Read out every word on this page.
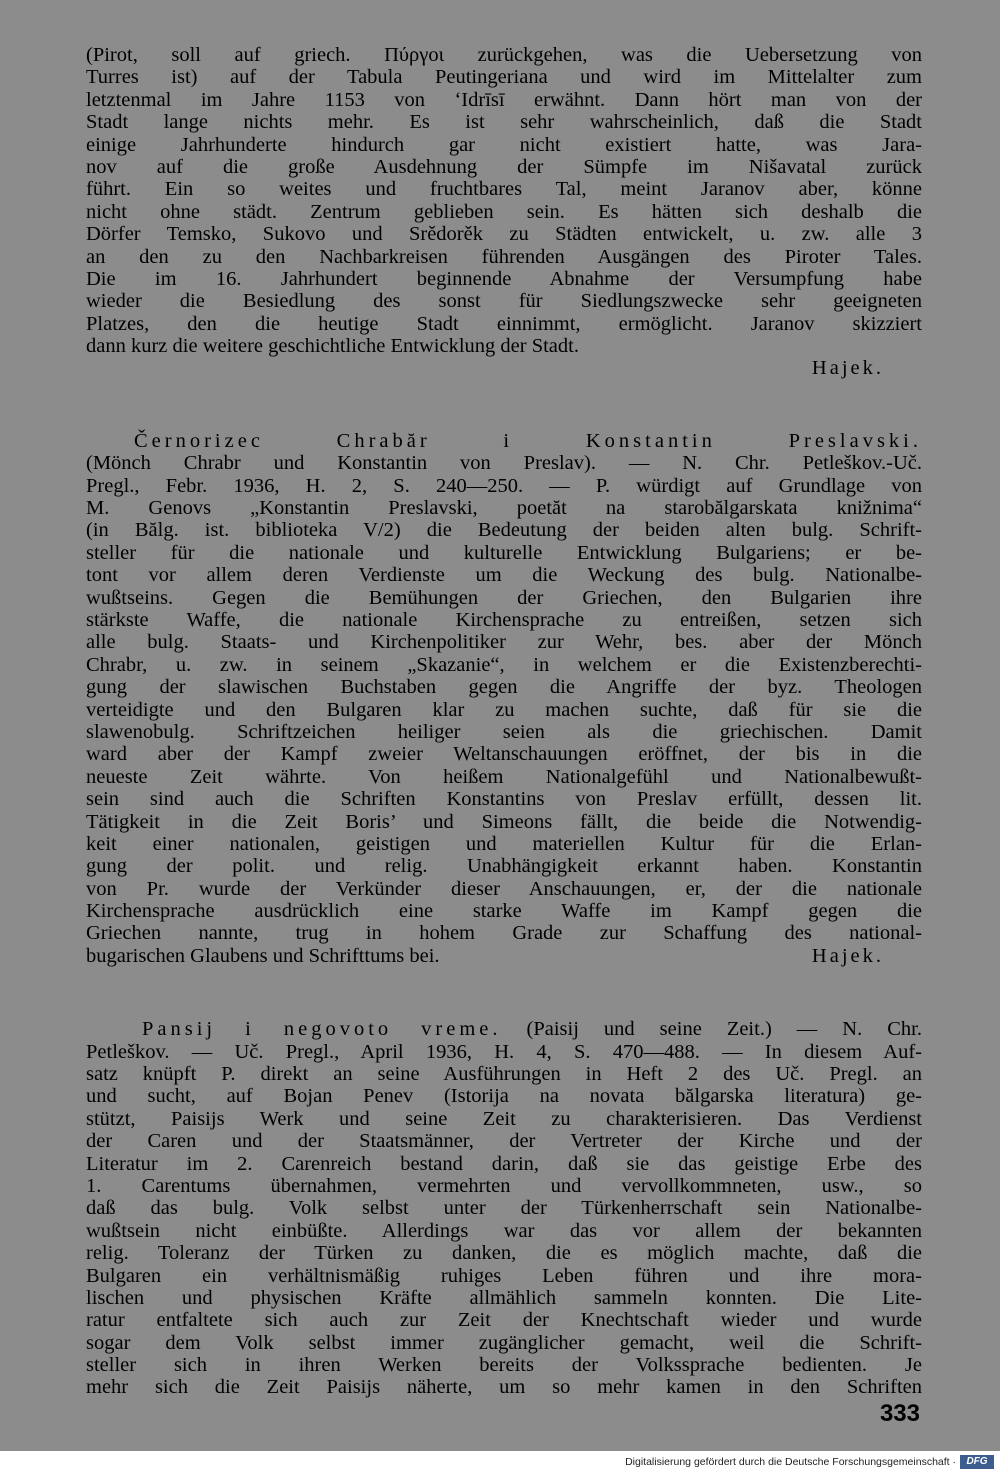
(Pirot, soll auf griech. Πύργοι zurückgehen, was die Uebersetzung von
Turres ist) auf der Tabula Peutingeriana und wird im Mittelalter zum
letztenmal im Jahre 1153 von ‘Idrīsī erwähnt. Dann hört man von der
Stadt lange nichts mehr. Es ist sehr wahrscheinlich, daß die Stadt
einige Jahrhunderte hindurch gar nicht existiert hatte, was Jara-
nov auf die große Ausdehnung der Sümpfe im Nišavatal zurück
führt. Ein so weites und fruchtbares Tal, meint Jaranov aber, könne
nicht ohne städt. Zentrum geblieben sein. Es hätten sich deshalb die
Dörfer Temsko, Sukovo und Srědorěk zu Städten entwickelt, u. zw. alle 3
an den zu den Nachbarkreisen führenden Ausgängen des Piroter Tales.
Die im 16. Jahrhundert beginnende Abnahme der Versumpfung habe
wieder die Besiedlung des sonst für Siedlungszwecke sehr geeigneten
Platzes, den die heutige Stadt einnimmt, ermöglicht. Jaranov skizziert
dann kurz die weitere geschichtliche Entwicklung der Stadt.
Hajek.
Černorizec Chrabăr i Konstantin Preslavski.
(Mönch Chrabr und Konstantin von Preslav). — N. Chr. Petleškov.-Uč.
Pregl., Febr. 1936, H. 2, S. 240—250. — P. würdigt auf Grundlage von
M. Genovs „Konstantin Preslavski, poetăt na starobălgarskata knižnima“
(in Bălg. ist. biblioteka V/2) die Bedeutung der beiden alten bulg. Schrift-
steller für die nationale und kulturelle Entwicklung Bulgariens; er be-
tont vor allem deren Verdienste um die Weckung des bulg. Nationalbe-
wußtseins. Gegen die Bemühungen der Griechen, den Bulgarien ihre
stärkste Waffe, die nationale Kirchensprache zu entreißen, setzen sich
alle bulg. Staats- und Kirchenpolitiker zur Wehr, bes. aber der Mönch
Chrabr, u. zw. in seinem „Skazanie“, in welchem er die Existenzberechti-
gung der slawischen Buchstaben gegen die Angriffe der byz. Theologen
verteidigte und den Bulgaren klar zu machen suchte, daß für sie die
slawenobulg. Schriftzeichen heiliger seien als die griechischen. Damit
ward aber der Kampf zweier Weltanschauungen eröffnet, der bis in die
neueste Zeit währte. Von heißem Nationalgefühl und Nationalbewußt-
sein sind auch die Schriften Konstantins von Preslav erfüllt, dessen lit.
Tätigkeit in die Zeit Boris’ und Simeons fällt, die beide die Notwendig-
keit einer nationalen, geistigen und materiellen Kultur für die Erlan-
gung der polit. und relig. Unabhängigkeit erkannt haben. Konstantin
von Pr. wurde der Verkünder dieser Anschauungen, er, der die nationale
Kirchensprache ausdrücklich eine starke Waffe im Kampf gegen die
Griechen nannte, trug in hohem Grade zur Schaffung des national-
bugarischen Glaubens und Schrifttums bei.	Hajek.
Pansij i negovoto vreme. (Paisij und seine Zeit.) — N. Chr.
Petleškov. — Uč. Pregl., April 1936, H. 4, S. 470—488. — In diesem Auf-
satz knüpft P. direkt an seine Ausführungen in Heft 2 des Uč. Pregl. an
und sucht, auf Bojan Penev (Istorija na novata bălgarska literatura) ge-
stützt, Paisijs Werk und seine Zeit zu charakterisieren. Das Verdienst
der Caren und der Staatsmänner, der Vertreter der Kirche und der
Literatur im 2. Carenreich bestand darin, daß sie das geistige Erbe des
1. Carentums übernahmen, vermehrten und vervollkommneten, usw., so
daß das bulg. Volk selbst unter der Türkenherrschaft sein Nationalbe-
wußtsein nicht einbüßte. Allerdings war das vor allem der bekannten
relig. Toleranz der Türken zu danken, die es möglich machte, daß die
Bulgaren ein verhältnismäßig ruhiges Leben führen und ihre mora-
lischen und physischen Kräfte allmählich sammeln konnten. Die Lite-
ratur entfaltete sich auch zur Zeit der Knechtschaft wieder und wurde
sogar dem Volk selbst immer zugänglicher gemacht, weil die Schrift-
steller sich in ihren Werken bereits der Volkssprache bedienten. Je
mehr sich die Zeit Paisijs näherte, um so mehr kamen in den Schriften
333
Digitalisierung gefördert durch die Deutsche Forschungsgemeinschaft ·	DFG
